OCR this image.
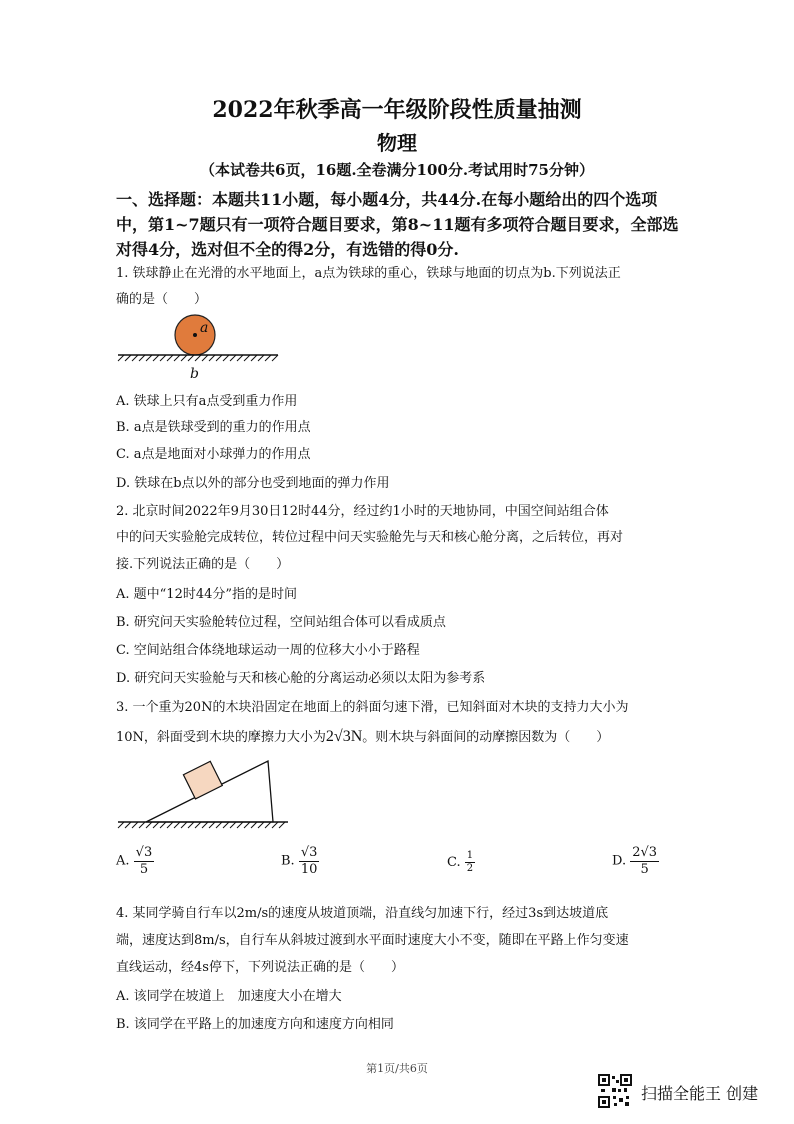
2022年秋季高一年级阶段性质量抽测
物理
（本试卷共6页，16题.全卷满分100分.考试用时75分钟）
一、选择题：本题共11小题，每小题4分，共44分.在每小题给出的四个选项
中，第1~7题只有一项符合题目要求，第8~11题有多项符合题目要求，全部选
对得4分，选对但不全的得2分，有选错的得0分.
1. 铁球静止在光滑的水平地面上，a点为铁球的重心，铁球与地面的切点为b.下列说法正
确的是（　　）
a
b
A. 铁球上只有a点受到重力作用
B. a点是铁球受到的重力的作用点
C. a点是地面对小球弹力的作用点
D. 铁球在b点以外的部分也受到地面的弹力作用
2. 北京时间2022年9月30日12时44分，经过约1小时的天地协同，中国空间站组合体
中的问天实验舱完成转位，转位过程中问天实验舱先与天和核心舱分离，之后转位，再对
接.下列说法正确的是（　　）
A. 题中“12时44分”指的是时间
B. 研究问天实验舱转位过程，空间站组合体可以看成质点
C. 空间站组合体绕地球运动一周的位移大小小于路程
D. 研究问天实验舱与天和核心舱的分离运动必须以太阳为参考系
3. 一个重为20N的木块沿固定在地面上的斜面匀速下滑，已知斜面对木块的支持力大小为
10N，斜面受到木块的摩擦力大小为2√3N。则木块与斜面间的动摩擦因数为（　　）
A. $\frac{√3}{5}$	B. $\frac{√3}{10}$	C. $\frac{1}{2}$	D. $\frac{2√3}{5}$
4. 某同学骑自行车以2m/s的速度从坡道顶端，沿直线匀加速下行，经过3s到达坡道底
端，速度达到8m/s，自行车从斜坡过渡到水平面时速度大小不变，随即在平路上作匀变速
直线运动，经4s停下，下列说法正确的是（　　）
A. 该同学在坡道上　加速度大小在增大
B. 该同学在平路上的加速度方向和速度方向相同
第1页/共6页
扫描全能王 创建
